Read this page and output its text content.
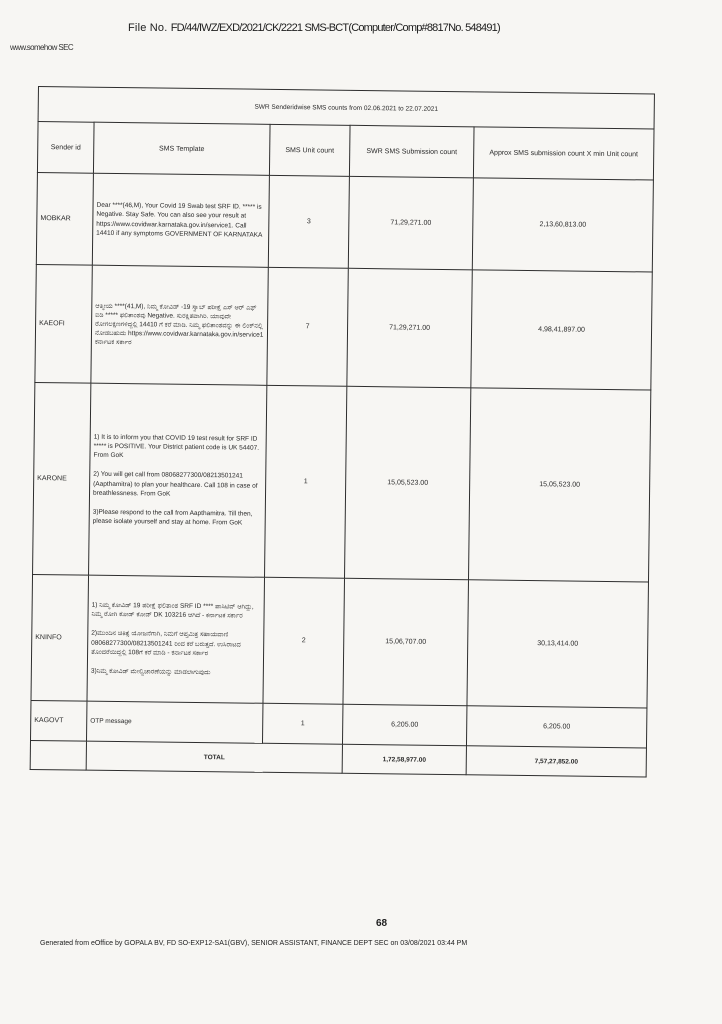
www.somehow SEC
File No. FD/44/IWZ/EXD/2021/CK/2221 SMS-BCT(Computer/Comp#8817No. 548491)
SWR Senderidwise SMS counts from 02.06.2021 to 22.07.2021				
Sender id	SMS Template	SMS Unit count	SWR SMS Submission count	Approx SMS submission count X min Unit count
MOBKAR	Dear ****(46,M), Your Covid 19 Swab test SRF ID. ***** is Negative. Stay Safe. You can also see your result at https://www.covidwar.karnataka.gov.in/service1. Call 14410 if any symptoms GOVERNMENT OF KARNATAKA	3	71,29,271.00	2,13,60,813.00
KAEOFI	ಆತ್ಮೀಯ ****(41,M), ನಿಮ್ಮ ಕೋವಿಡ್ -19 ಸ್ವಾಬ್ ಪರೀಕ್ಷೆ ಎಸ್ ಆರ್ ಎಫ್ ಐಡಿ ***** ಫಲಿತಾಂಶವು Negative. ಸುರಕ್ಷಿತವಾಗಿರಿ. ಯಾವುದೇ ರೋಗಲಕ್ಷಣಗಳಿದ್ದಲ್ಲಿ 14410 ಗೆ ಕರೆ ಮಾಡಿ. ನಿಮ್ಮ ಫಲಿತಾಂಶವನ್ನು ಈ ಲಿಂಕ್‌ನಲ್ಲಿ ನೋಡಬಹುದು https://www.covidwar.karnataka.gov.in/service1 ಕರ್ನಾಟಕ ಸರ್ಕಾರ	7	71,29,271.00	4,98,41,897.00
KARONE	1) It is to inform you that COVID 19 test result for SRF ID ***** is POSITIVE. Your District patient code is UK 54407. From GoK
2) You will get call from 08068277300/08213501241 (Aapthamitra) to plan your healthcare. Call 108 in case of breathlessness. From GoK
3)Please respond to the call from Aapthamitra. Till then, please isolate yourself and stay at home. From GoK	1	15,05,523.00	15,05,523.00
KNINFO	1) ನಿಮ್ಮ ಕೋವಿಡ್ 19 ಪರೀಕ್ಷೆ ಫಲಿತಾಂಶ SRF ID **** ಪಾಸಿಟಿವ್ ಆಗಿದ್ದು, ನಿಮ್ಮ ರೋಗಿ ಕೋಡ್ ಕೋಡ್ DK 103216 ಆಗಿದೆ - ಕರ್ನಾಟಕ ಸರ್ಕಾರ
2)ಮುಂದಿನ ಚಿಕಿತ್ಸೆ ಯೋಜನೆಗಾಗಿ, ನಿಮಗೆ ಆಪ್ತಮಿತ್ರ ಸಹಾಯವಾಣಿ 08068277300/08213501241 ರಿಂದ ಕರೆ ಬರುತ್ತದೆ. ಉಸಿರಾಟದ ತೊಂದರೆಯಿದ್ದಲ್ಲಿ 108ಗೆ ಕರೆ ಮಾಡಿ - ಕರ್ನಾಟಕ ಸರ್ಕಾರ
3)ನಿಮ್ಮ ಕೋವಿಡ್ ಮೇಲ್ವಿಚಾರಣೆಯನ್ನು ಮಾಡಲಾಗುವುದು	2	15,06,707.00	30,13,414.00
KAGOVT	OTP message	1	6,205.00	6,205.00
	TOTAL		1,72,58,977.00	7,57,27,852.00
68
Generated from eOffice by GOPALA BV, FD SO-EXP12-SA1(GBV), SENIOR ASSISTANT, FINANCE DEPT SEC on 03/08/2021 03:44 PM
